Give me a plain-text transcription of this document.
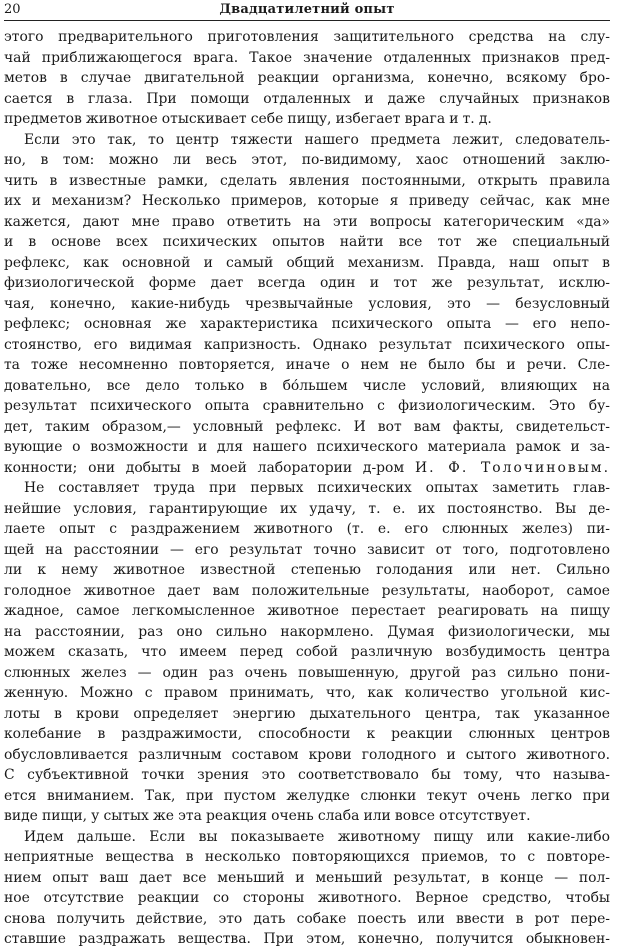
20	Двадцатилетний опыт

этого предварительного приготовления защитительного средства на слу-
чай приближающегося врага. Такое значение отдаленных признаков пред-
метов в случае двигательной реакции организма, конечно, всякому бро-
сается в глаза. При помощи отдаленных и даже случайных признаков
предметов животное отыскивает себе пищу, избегает врага и т. д.

Если это так, то центр тяжести нашего предмета лежит, следователь-
но, в том: можно ли весь этот, по-видимому, хаос отношений заклю-
чить в известные рамки, сделать явления постоянными, открыть правила
их и механизм? Несколько примеров, которые я приведу сейчас, как мне
кажется, дают мне право ответить на эти вопросы категорическим «да»
и в основе всех психических опытов найти все тот же специальный
рефлекс, как основной и самый общий механизм. Правда, наш опыт в
физиологической форме дает всегда один и тот же результат, исклю-
чая, конечно, какие-нибудь чрезвычайные условия, это — безусловный
рефлекс; основная же характеристика психического опыта — его непо-
стоянство, его видимая капризность. Однако результат психического опы-
та тоже несомненно повторяется, иначе о нем не было бы и речи. Сле-
довательно, все дело только в бо́льшем числе условий, влияющих на
результат психического опыта сравнительно с физиологическим. Это бу-
дет, таким образом,— условный рефлекс. И вот вам факты, свидетельст-
вующие о возможности и для нашего психического материала рамок и за-
конности; они добыты в моей лаборатории д-ром И. Ф. Толочиновым.

Не составляет труда при первых психических опытах заметить глав-
нейшие условия, гарантирующие их удачу, т. е. их постоянство. Вы де-
лаете опыт с раздражением животного (т. е. его слюнных желез) пи-
щей на расстоянии — его результат точно зависит от того, подготовлено
ли к нему животное известной степенью голодания или нет. Сильно
голодное животное дает вам положительные результаты, наоборот, самое
жадное, самое легкомысленное животное перестает реагировать на пищу
на расстоянии, раз оно сильно накормлено. Думая физиологически, мы
можем сказать, что имеем перед собой различную возбудимость центра
слюнных желез — один раз очень повышенную, другой раз сильно пони-
женную. Можно с правом принимать, что, как количество угольной кис-
лоты в крови определяет энергию дыхательного центра, так указанное
колебание в раздражимости, способности к реакции слюнных центров
обусловливается различным составом крови голодного и сытого животного.
С субъективной точки зрения это соответствовало бы тому, что называ-
ется вниманием. Так, при пустом желудке слюнки текут очень легко при
виде пищи, у сытых же эта реакция очень слаба или вовсе отсутствует.

Идем дальше. Если вы показываете животному пищу или какие-либо
неприятные вещества в несколько повторяющихся приемов, то с повторе-
нием опыт ваш дает все меньший и меньший результат, в конце — пол-
ное отсутствие реакции со стороны животного. Верное средство, чтобы
снова получить действие, это дать собаке поесть или ввести в рот пере-
ставшие раздражать вещества. При этом, конечно, получится обыкновен-
